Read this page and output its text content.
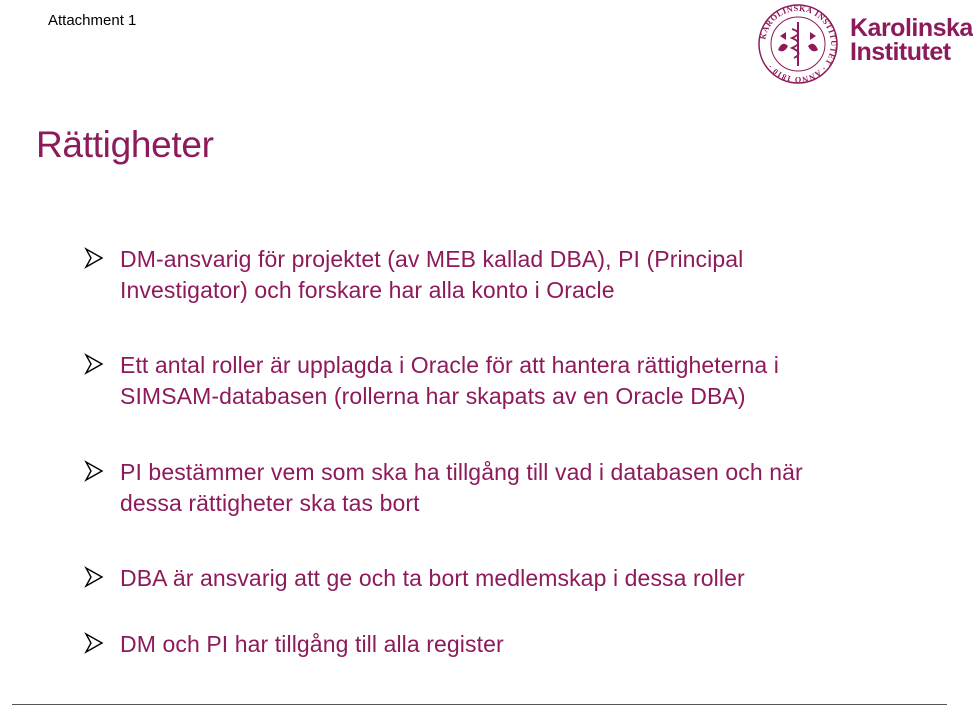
Attachment 1
KAROLINSKA INSTITUTET · ANNO 1810 ·
Karolinska
Institutet
Rättigheter
DM-ansvarig för projektet (av MEB kallad DBA), PI (Principal
Investigator) och forskare har alla konto i Oracle
Ett antal roller är upplagda i Oracle för att hantera rättigheterna i
SIMSAM-databasen (rollerna har skapats av en Oracle DBA)
PI bestämmer vem som ska ha tillgång till vad i databasen och när
dessa rättigheter ska tas bort
DBA är ansvarig att ge och ta bort medlemskap i dessa roller
DM och PI har tillgång till alla register
